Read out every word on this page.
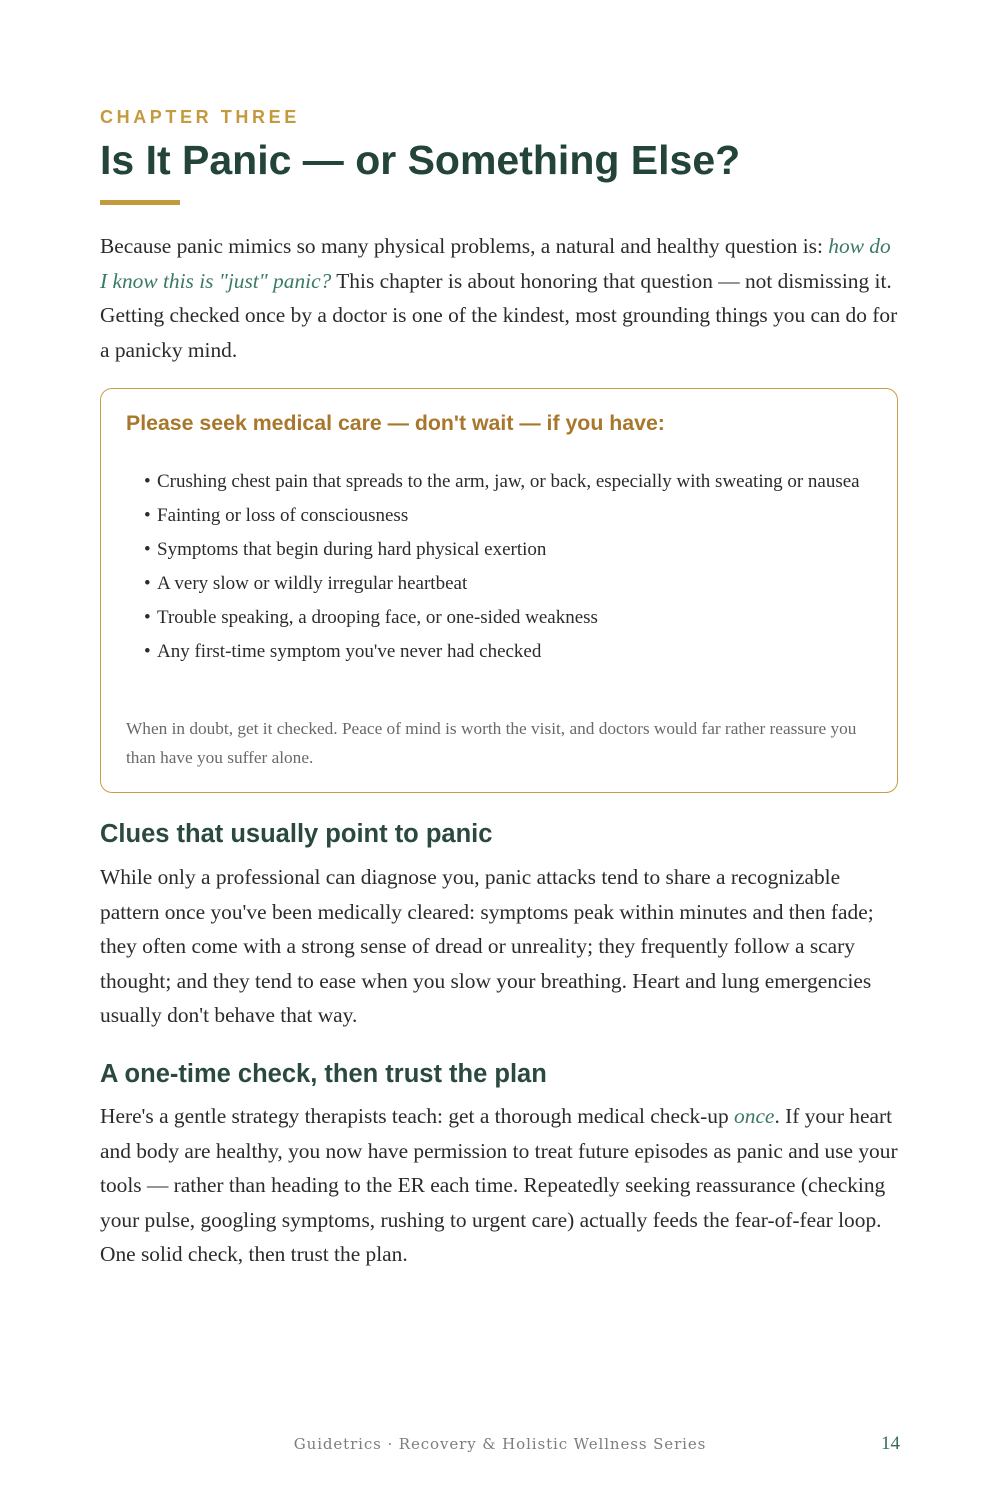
CHAPTER THREE

Is It Panic — or Something Else?

Because panic mimics so many physical problems, a natural and healthy question is: how do I know this is "just" panic? This chapter is about honoring that question — not dismissing it. Getting checked once by a doctor is one of the kindest, most grounding things you can do for a panicky mind.

Please seek medical care — don't wait — if you have:
• Crushing chest pain that spreads to the arm, jaw, or back, especially with sweating or nausea
• Fainting or loss of consciousness
• Symptoms that begin during hard physical exertion
• A very slow or wildly irregular heartbeat
• Trouble speaking, a drooping face, or one-sided weakness
• Any first-time symptom you've never had checked

When in doubt, get it checked. Peace of mind is worth the visit, and doctors would far rather reassure you than have you suffer alone.

Clues that usually point to panic

While only a professional can diagnose you, panic attacks tend to share a recognizable pattern once you've been medically cleared: symptoms peak within minutes and then fade; they often come with a strong sense of dread or unreality; they frequently follow a scary thought; and they tend to ease when you slow your breathing. Heart and lung emergencies usually don't behave that way.

A one-time check, then trust the plan

Here's a gentle strategy therapists teach: get a thorough medical check-up once. If your heart and body are healthy, you now have permission to treat future episodes as panic and use your tools — rather than heading to the ER each time. Repeatedly seeking reassurance (checking your pulse, googling symptoms, rushing to urgent care) actually feeds the fear-of-fear loop. One solid check, then trust the plan.

Guidetrics · Recovery & Holistic Wellness Series	14
